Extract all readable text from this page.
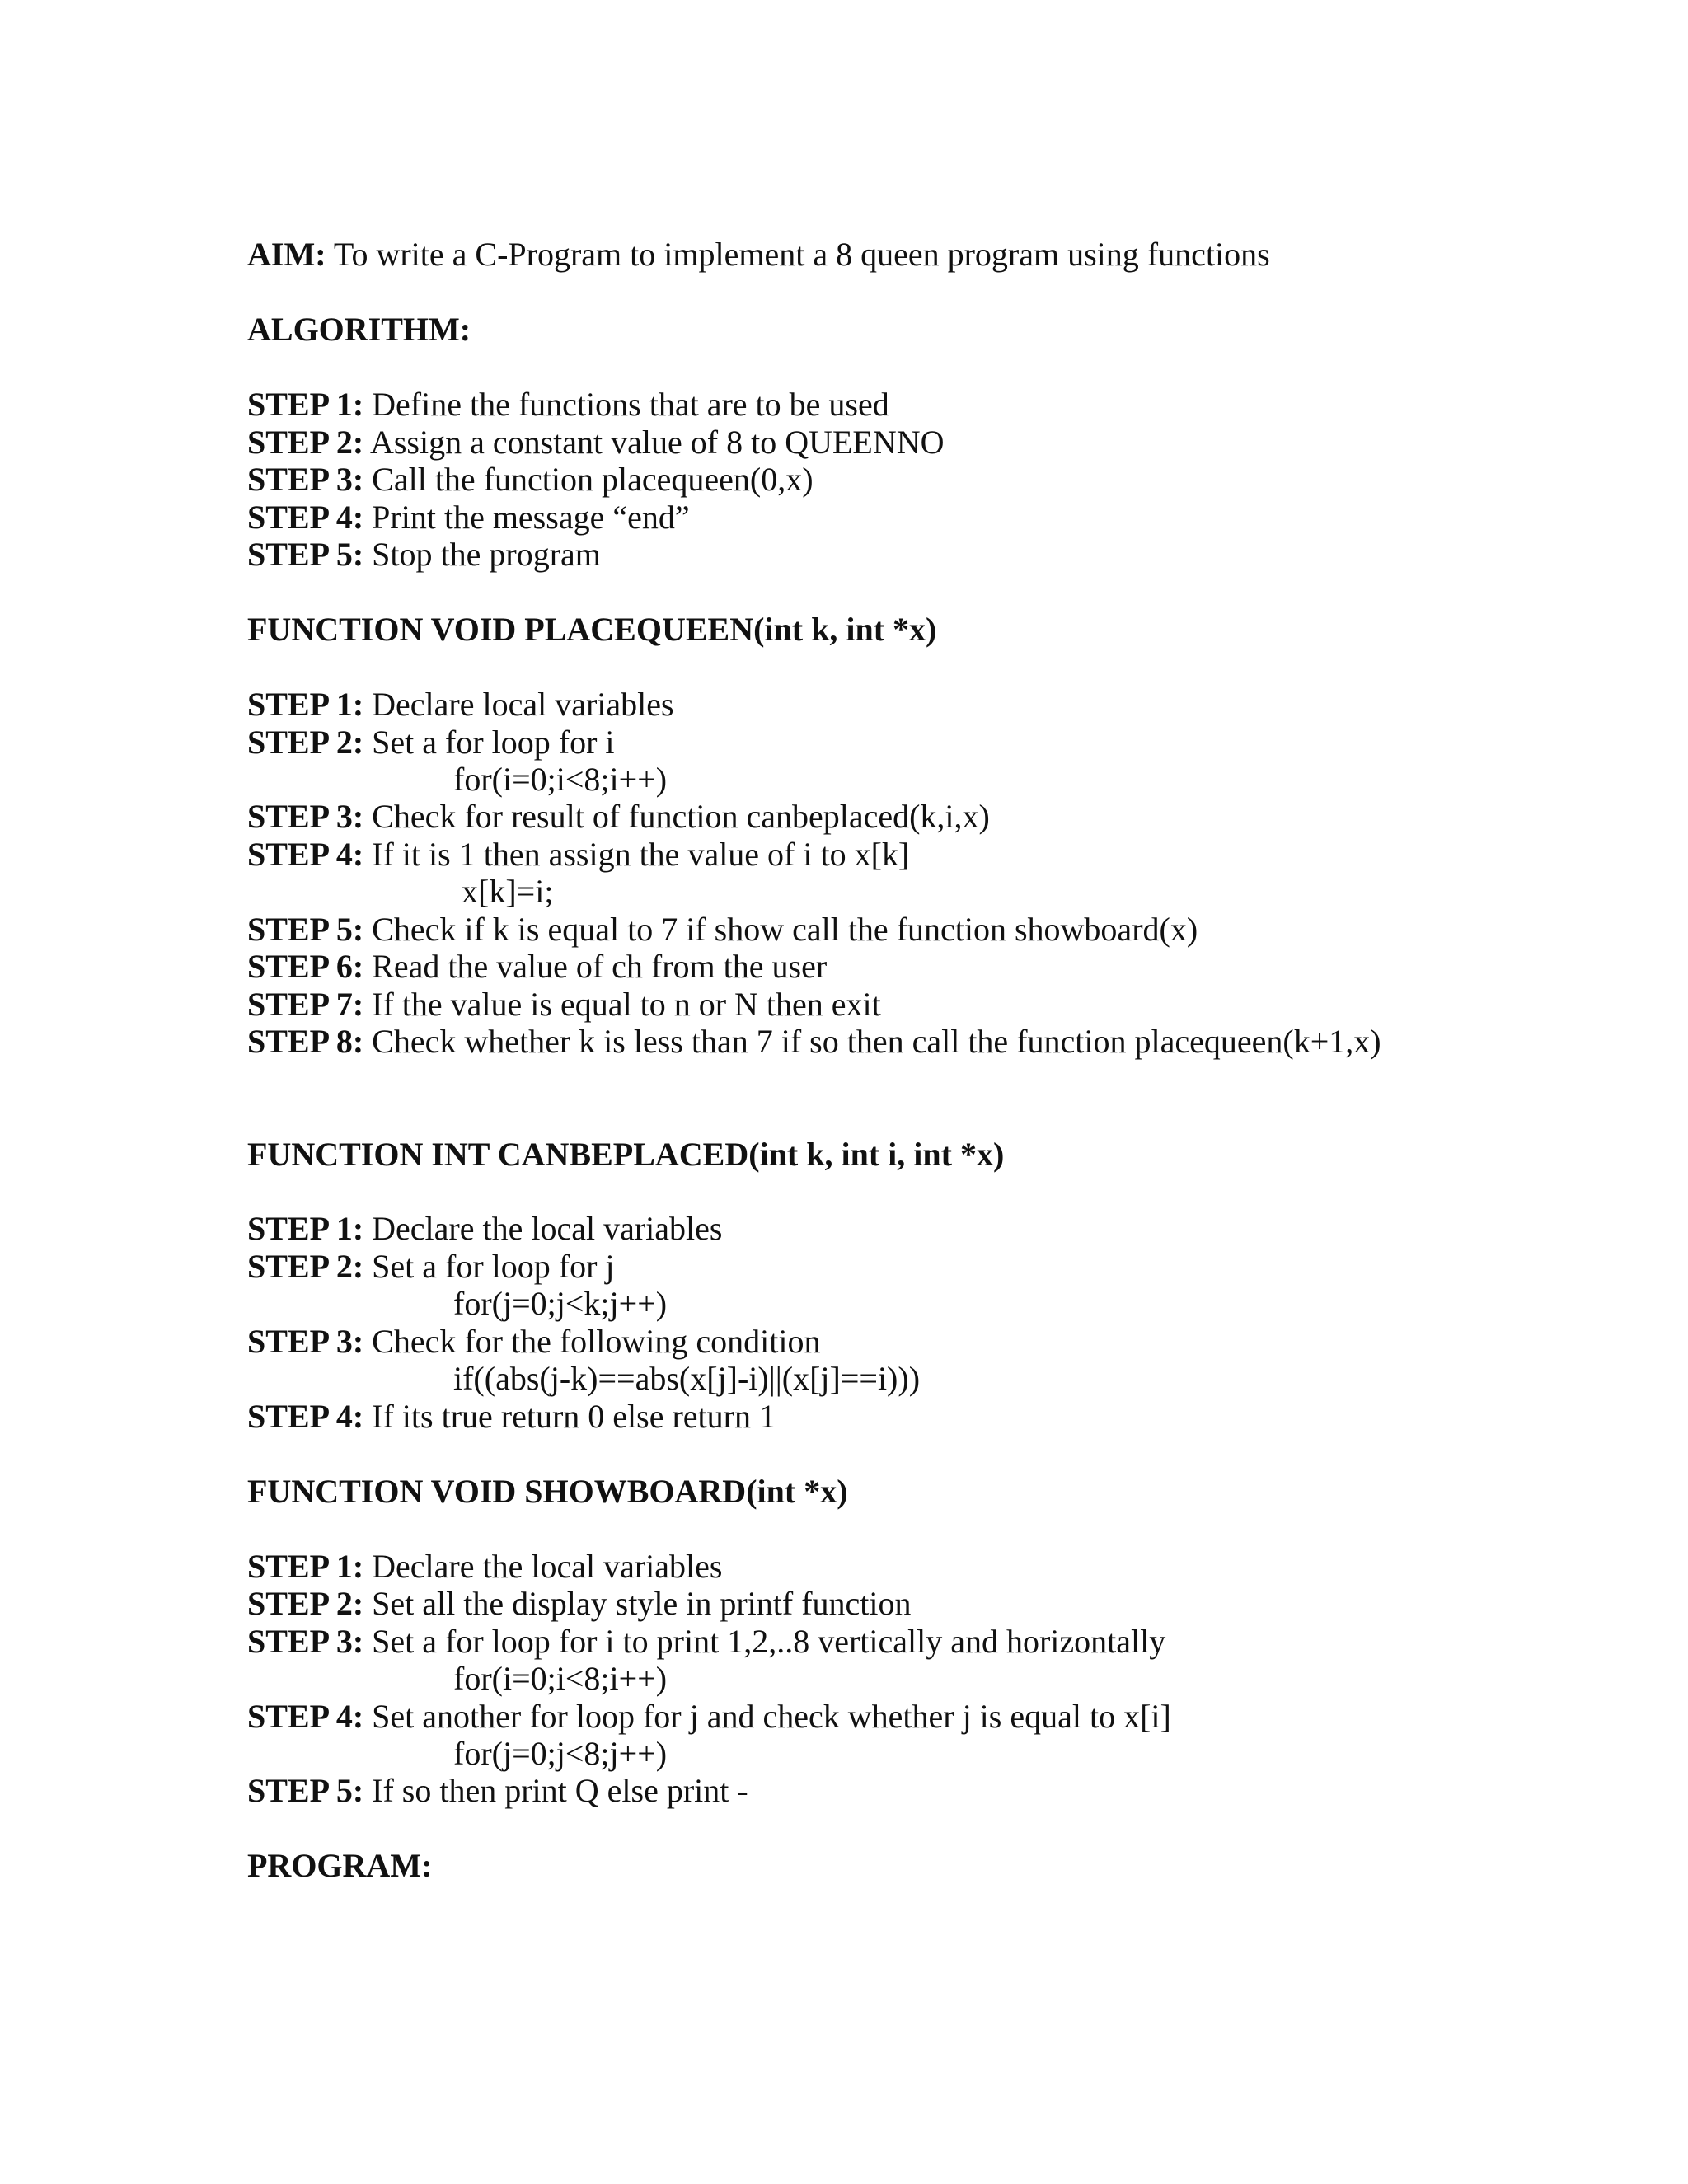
AIM: To write a C-Program to implement a 8 queen program using functions
ALGORITHM:
STEP 1: Define the functions that are to be used
STEP 2: Assign a constant value of 8 to QUEENNO
STEP 3: Call the function placequeen(0,x)
STEP 4: Print the message “end”
STEP 5: Stop the program
FUNCTION VOID PLACEQUEEN(int k, int *x)
STEP 1: Declare local variables
STEP 2: Set a for loop for i
for(i=0;i<8;i++)
STEP 3: Check for result of function canbeplaced(k,i,x)
STEP 4: If it is 1 then assign the value of i to x[k]
x[k]=i;
STEP 5: Check if k is equal to 7 if show call the function showboard(x)
STEP 6: Read the value of ch from the user
STEP 7: If the value is equal to n or N then exit
STEP 8: Check whether k is less than 7 if so then call the function placequeen(k+1,x)
FUNCTION INT CANBEPLACED(int k, int i, int *x)
STEP 1: Declare the local variables
STEP 2: Set a for loop for j
for(j=0;j<k;j++)
STEP 3: Check for the following condition
if((abs(j-k)==abs(x[j]-i)||(x[j]==i)))
STEP 4: If its true return 0 else return 1
FUNCTION VOID SHOWBOARD(int *x)
STEP 1: Declare the local variables
STEP 2: Set all the display style in printf function
STEP 3: Set a for loop for i to print 1,2,..8 vertically and horizontally
for(i=0;i<8;i++)
STEP 4: Set another for loop for j and check whether j is equal to x[i]
for(j=0;j<8;j++)
STEP 5: If so then print Q else print -
PROGRAM:
